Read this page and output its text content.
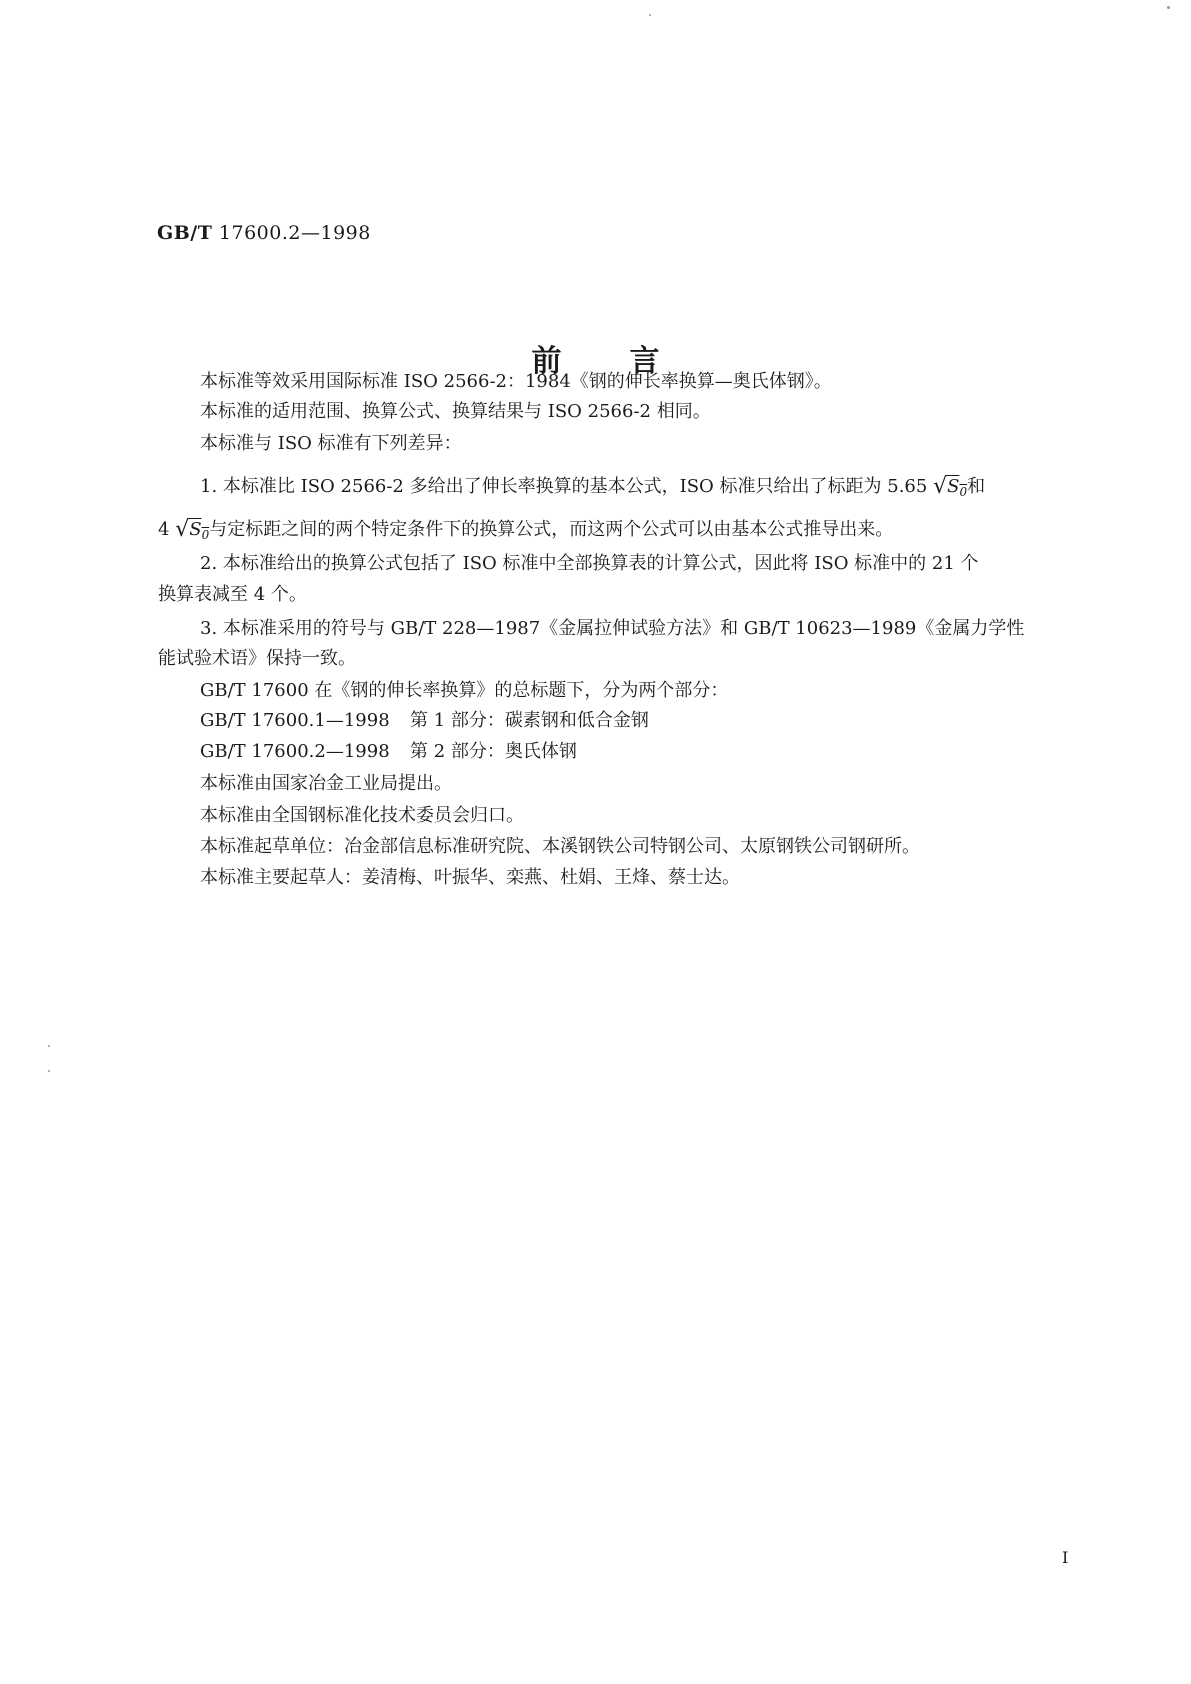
GB/T 17600.2—1998
前言
本标准等效采用国际标准 ISO 2566-2：1984《钢的伸长率换算—奥氏体钢》。
本标准的适用范围、换算公式、换算结果与 ISO 2566-2 相同。
本标准与 ISO 标准有下列差异：
1. 本标准比 ISO 2566-2 多给出了伸长率换算的基本公式，ISO 标准只给出了标距为 5.65 $√S_0$和
4 $√S_0$与定标距之间的两个特定条件下的换算公式，而这两个公式可以由基本公式推导出来。
2. 本标准给出的换算公式包括了 ISO 标准中全部换算表的计算公式，因此将 ISO 标准中的 21 个
换算表减至 4 个。
3. 本标准采用的符号与 GB/T 228—1987《金属拉伸试验方法》和 GB/T 10623—1989《金属力学性
能试验术语》保持一致。
GB/T 17600 在《钢的伸长率换算》的总标题下，分为两个部分：
GB/T 17600.1—1998 第 1 部分：碳素钢和低合金钢
GB/T 17600.2—1998 第 2 部分：奥氏体钢
本标准由国家冶金工业局提出。
本标准由全国钢标准化技术委员会归口。
本标准起草单位：冶金部信息标准研究院、本溪钢铁公司特钢公司、太原钢铁公司钢研所。
本标准主要起草人：姜清梅、叶振华、栾燕、杜娟、王烽、蔡士达。
I
